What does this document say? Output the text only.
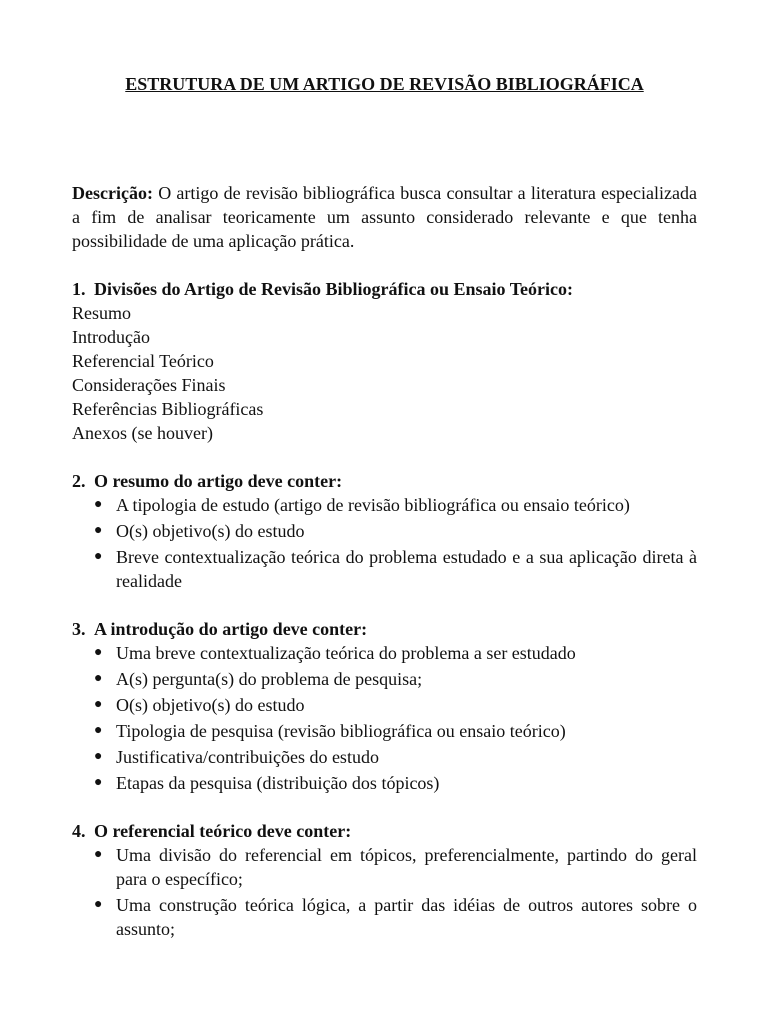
ESTRUTURA DE UM ARTIGO DE REVISÃO BIBLIOGRÁFICA

Descrição: O artigo de revisão bibliográfica busca consultar a literatura especializada a fim de analisar teoricamente um assunto considerado relevante e que tenha possibilidade de uma aplicação prática.

1. Divisões do Artigo de Revisão Bibliográfica ou Ensaio Teórico:

Resumo

Introdução

Referencial Teórico

Considerações Finais

Referências Bibliográficas

Anexos (se houver)

2. O resumo do artigo deve conter:
● A tipologia de estudo (artigo de revisão bibliográfica ou ensaio teórico)
● O(s) objetivo(s) do estudo
● Breve contextualização teórica do problema estudado e a sua aplicação direta à realidade
3. A introdução do artigo deve conter:
● Uma breve contextualização teórica do problema a ser estudado
● A(s) pergunta(s) do problema de pesquisa;
● O(s) objetivo(s) do estudo
● Tipologia de pesquisa (revisão bibliográfica ou ensaio teórico)
● Justificativa/contribuições do estudo
● Etapas da pesquisa (distribuição dos tópicos)
4. O referencial teórico deve conter:
● Uma divisão do referencial em tópicos, preferencialmente, partindo do geral para o específico;
● Uma construção teórica lógica, a partir das idéias de outros autores sobre o assunto;
